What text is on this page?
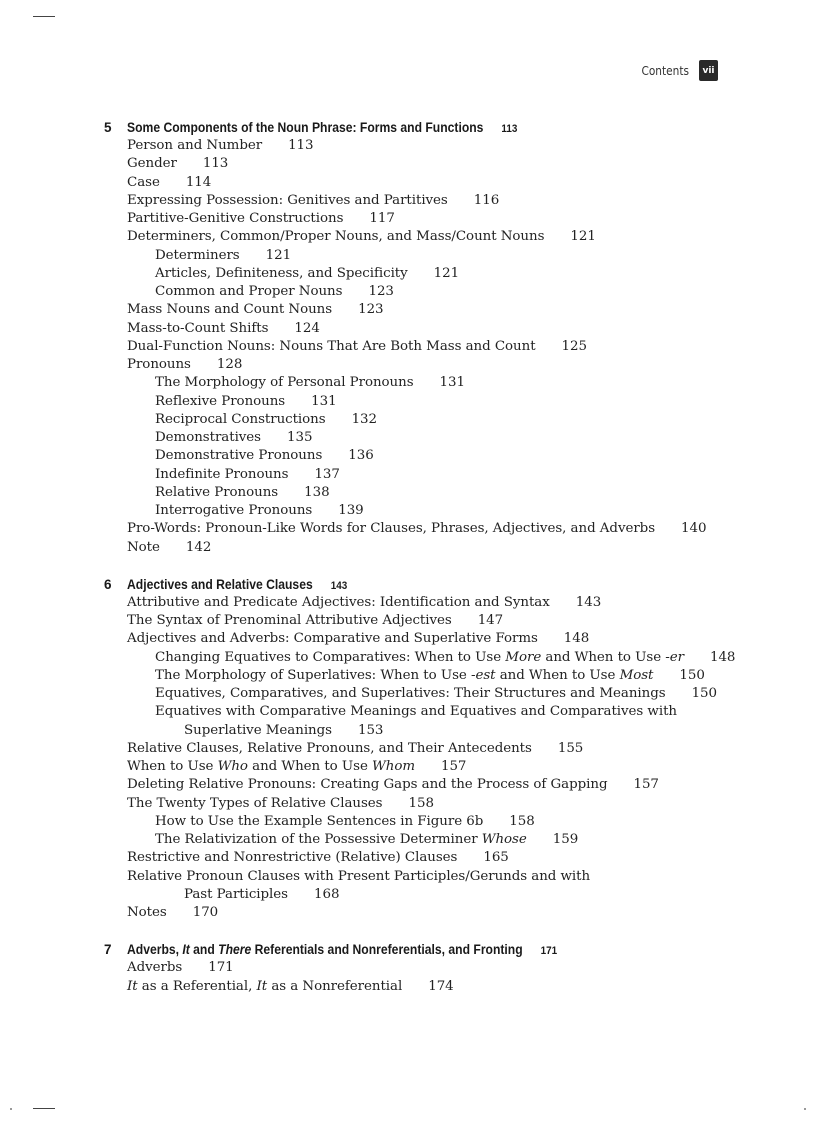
Contents	vii
5 Some Components of the Noun Phrase: Forms and Functions 113
Person and Number 113
Gender 113
Case 114
Expressing Possession: Genitives and Partitives 116
Partitive-Genitive Constructions 117
Determiners, Common/Proper Nouns, and Mass/Count Nouns 121
Determiners 121
Articles, Definiteness, and Specificity 121
Common and Proper Nouns 123
Mass Nouns and Count Nouns 123
Mass-to-Count Shifts 124
Dual-Function Nouns: Nouns That Are Both Mass and Count 125
Pronouns 128
The Morphology of Personal Pronouns 131
Reflexive Pronouns 131
Reciprocal Constructions 132
Demonstratives 135
Demonstrative Pronouns 136
Indefinite Pronouns 137
Relative Pronouns 138
Interrogative Pronouns 139
Pro-Words: Pronoun-Like Words for Clauses, Phrases, Adjectives, and Adverbs 140
Note 142
6 Adjectives and Relative Clauses 143
Attributive and Predicate Adjectives: Identification and Syntax 143
The Syntax of Prenominal Attributive Adjectives 147
Adjectives and Adverbs: Comparative and Superlative Forms 148
Changing Equatives to Comparatives: When to Use More and When to Use -er 148
The Morphology of Superlatives: When to Use -est and When to Use Most 150
Equatives, Comparatives, and Superlatives: Their Structures and Meanings 150
Equatives with Comparative Meanings and Equatives and Comparatives with
Superlative Meanings 153
Relative Clauses, Relative Pronouns, and Their Antecedents 155
When to Use Who and When to Use Whom 157
Deleting Relative Pronouns: Creating Gaps and the Process of Gapping 157
The Twenty Types of Relative Clauses 158
How to Use the Example Sentences in Figure 6b 158
The Relativization of the Possessive Determiner Whose 159
Restrictive and Nonrestrictive (Relative) Clauses 165
Relative Pronoun Clauses with Present Participles/Gerunds and with
Past Participles 168
Notes 170
7 Adverbs, It and There Referentials and Nonreferentials, and Fronting 171
Adverbs 171
It as a Referential, It as a Nonreferential 174
